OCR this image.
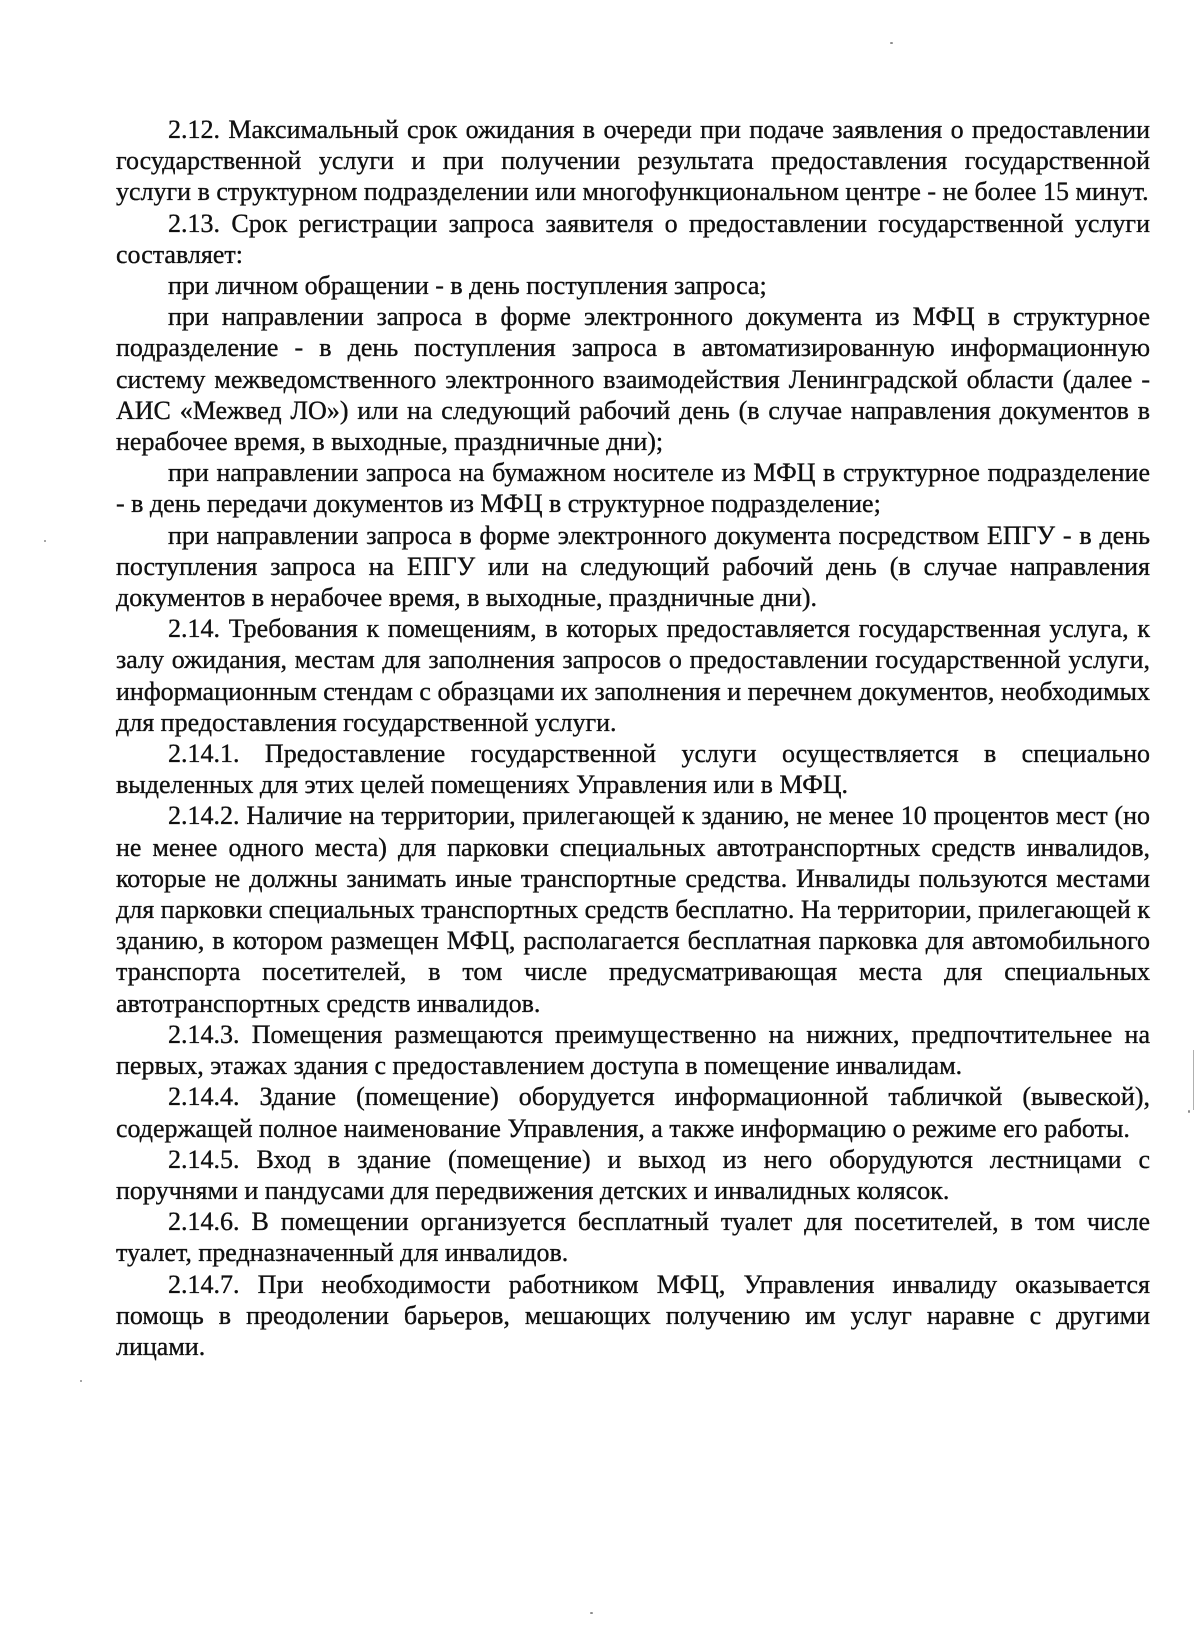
2.12. Максимальный срок ожидания в очереди при подаче заявления о предоставлении государственной услуги и при получении результата предоставления государственной услуги в структурном подразделении или многофункциональном центре - не более 15 минут.

2.13. Срок регистрации запроса заявителя о предоставлении государственной услуги составляет:

при личном обращении - в день поступления запроса;

при направлении запроса в форме электронного документа из МФЦ в структурное подразделение - в день поступления запроса в автоматизированную информационную систему межведомственного электронного взаимодействия Ленинградской области (далее - АИС «Межвед ЛО») или на следующий рабочий день (в случае направления документов в нерабочее время, в выходные, праздничные дни);

при направлении запроса на бумажном носителе из МФЦ в структурное подразделение - в день передачи документов из МФЦ в структурное подразделение;

при направлении запроса в форме электронного документа посредством ЕПГУ - в день поступления запроса на ЕПГУ или на следующий рабочий день (в случае направления документов в нерабочее время, в выходные, праздничные дни).

2.14. Требования к помещениям, в которых предоставляется государственная услуга, к залу ожидания, местам для заполнения запросов о предоставлении государственной услуги, информационным стендам с образцами их заполнения и перечнем документов, необходимых для предоставления государственной услуги.

2.14.1. Предоставление государственной услуги осуществляется в специально выделенных для этих целей помещениях Управления или в МФЦ.

2.14.2. Наличие на территории, прилегающей к зданию, не менее 10 процентов мест (но не менее одного места) для парковки специальных автотранспортных средств инвалидов, которые не должны занимать иные транспортные средства. Инвалиды пользуются местами для парковки специальных транспортных средств бесплатно. На территории, прилегающей к зданию, в котором размещен МФЦ, располагается бесплатная парковка для автомобильного транспорта посетителей, в том числе предусматривающая места для специальных автотранспортных средств инвалидов.

2.14.3. Помещения размещаются преимущественно на нижних, предпочтительнее на первых, этажах здания с предоставлением доступа в помещение инвалидам.

2.14.4. Здание (помещение) оборудуется информационной табличкой (вывеской), содержащей полное наименование Управления, а также информацию о режиме его работы.

2.14.5. Вход в здание (помещение) и выход из него оборудуются лестницами с поручнями и пандусами для передвижения детских и инвалидных колясок.

2.14.6. В помещении организуется бесплатный туалет для посетителей, в том числе туалет, предназначенный для инвалидов.

2.14.7. При необходимости работником МФЦ, Управления инвалиду оказывается помощь в преодолении барьеров, мешающих получению им услуг наравне с другими лицами.
